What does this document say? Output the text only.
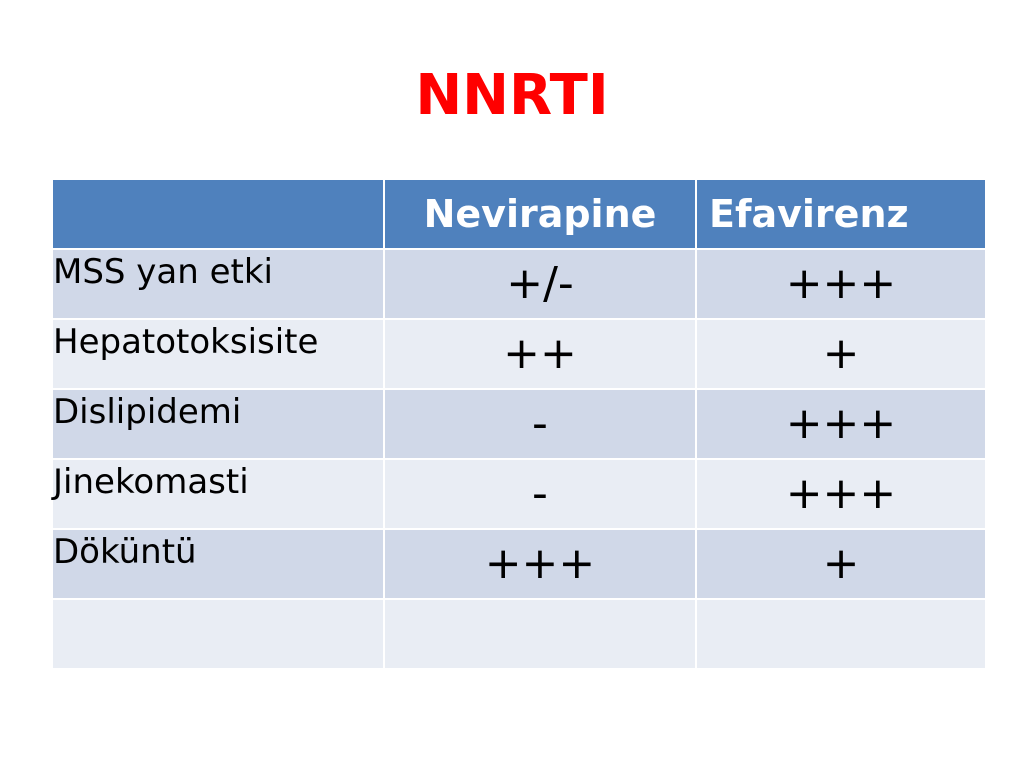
NNRTI
	Nevirapine	Efavirenz
MSS yan etki	+/-	+++
Hepatotoksisite	++	+
Dislipidemi	-	+++
Jinekomasti	-	+++
Döküntü	+++	+
